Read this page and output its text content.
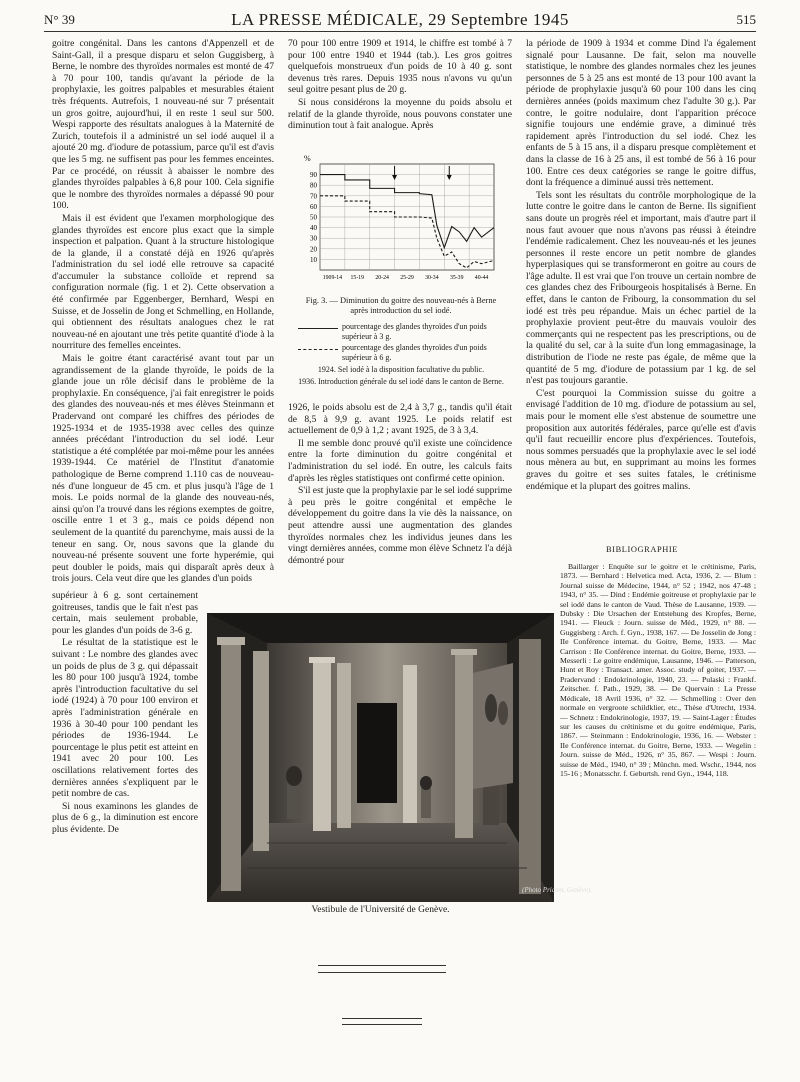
N° 39	LA PRESSE MÉDICALE, 29 Septembre 1945	515

goitre congénital. Dans les cantons d'Appenzell et de Saint-Gall, il a presque disparu et selon Guggisberg, à Berne, le nombre des thyroïdes normales est monté de 47 à 70 pour 100, tandis qu'avant la période de la prophylaxie, les goitres palpables et mesurables étaient très fréquents. Autrefois, 1 nouveau-né sur 7 présentait un gros goitre, aujourd'hui, il en reste 1 seul sur 500. Wespi rapporte des résultats analogues à la Maternité de Zurich, toutefois il a administré un sel iodé auquel il a ajouté 20 mg. d'iodure de potassium, parce qu'il est d'avis que les 5 mg. ne suffisent pas pour les femmes enceintes. Par ce procédé, on réussit à abaisser le nombre des glandes thyroïdes palpables à 6,8 pour 100. Cela signifie que le nombre des thyroïdes normales a dépassé 90 pour 100.

Mais il est évident que l'examen morphologique des glandes thyroïdes est encore plus exact que la simple inspection et palpation. Quant à la structure histologique de la glande, il a constaté déjà en 1926 qu'après l'administration du sel iodé elle retrouve sa capacité d'accumuler la substance colloïde et reprend sa configuration normale (fig. 1 et 2). Cette observation a été confirmée par Eggenberger, Bernhard, Wespi en Suisse, et de Josselin de Jong et Schmelling, en Hollande, qui obtiennent des résultats analogues chez le rat nouveau-né en ajoutant une très petite quantité d'iode à la nourriture des femelles enceintes.

Mais le goitre étant caractérisé avant tout par un agrandissement de la glande thyroïde, le poids de la glande joue un rôle décisif dans le problème de la prophylaxie. En conséquence, j'ai fait enregistrer le poids des glandes des nouveau-nés et mes élèves Steinmann et Pradervand ont comparé les chiffres des périodes de 1925-1934 et de 1935-1938 avec celles des quinze années précédant l'introduction du sel iodé. Leur statistique a été complétée par moi-même pour les années 1939-1944. Ce matériel de l'Institut d'anatomie pathologique de Berne comprend 1.110 cas de nouveau-nés d'une longueur de 45 cm. et plus jusqu'à l'âge de 1 mois. Le poids normal de la glande des nouveau-nés, ainsi qu'on l'a trouvé dans les régions exemptes de goitre, oscille entre 1 et 3 g., mais ce poids dépend non seulement de la quantité du parenchyme, mais aussi de la teneur en sang. Or, nous savons que la glande du nouveau-né présente souvent une forte hyperémie, qui peut doubler le poids, mais qui disparaît après deux à trois jours. Cela veut dire que les glandes d'un poids

supérieur à 6 g. sont certainement goitreuses, tandis que le fait n'est pas certain, mais seulement probable, pour les glandes d'un poids de 3-6 g.

Le résultat de la statistique est le suivant : Le nombre des glandes avec un poids de plus de 3 g. qui dépassait les 80 pour 100 jusqu'à 1924, tombe après l'introduction facultative du sel iodé (1924) à 70 pour 100 environ et après l'administration générale en 1936 à 30-40 pour 100 pendant les périodes de 1936-1944. Le pourcentage le plus petit est atteint en 1941 avec 20 pour 100. Les oscillations relativement fortes des dernières années s'expliquent par le petit nombre de cas.

Si nous examinons les glandes de plus de 6 g., la diminution est encore plus évidente. De

70 pour 100 entre 1909 et 1914, le chiffre est tombé à 7 pour 100 entre 1940 et 1944 (tab.). Les gros goitres quelquefois monstrueux d'un poids de 10 à 40 g. sont devenus très rares. Depuis 1935 nous n'avons vu qu'un seul goitre pesant plus de 20 g.

Si nous considérons la moyenne du poids absolu et relatif de la glande thyroïde, nous pouvons constater une diminution tout à fait analogue. Après

%
90
80
70
60
50
40
30
20
10
1909-14 15-19 20-24 25-29 30-34 35-39 40-44
Fig. 3. — Diminution du goitre des nouveau-nés à Berne après introduction du sel iodé.
pourcentage des glandes thyroïdes d'un poids supérieur à 3 g.
pourcentage des glandes thyroïdes d'un poids supérieur à 6 g.
1924. Sel iodé à la disposition facultative du public.
1936. Introduction générale du sel iodé dans le canton de Berne.

1926, le poids absolu est de 2,4 à 3,7 g., tandis qu'il était de 8,5 à 9,9 g. avant 1925. Le poids relatif est actuellement de 0,9 à 1,2 ; avant 1925, de 3 à 3,4.

Il me semble donc prouvé qu'il existe une coïncidence entre la forte diminution du goitre congénital et l'administration du sel iodé. En outre, les calculs faits d'après les règles statistiques ont confirmé cette opinion.

S'il est juste que la prophylaxie par le sel iodé supprime à peu près le goitre congénital et empêche le développement du goitre dans la vie dès la naissance, on peut attendre aussi une augmentation des glandes thyroïdes normales chez les individus jeunes dans les vingt dernières années, comme mon élève Schnetz l'a déjà démontré pour

la période de 1909 à 1934 et comme Dind l'a également signalé pour Lausanne. De fait, selon ma nouvelle statistique, le nombre des glandes normales chez les jeunes personnes de 5 à 25 ans est monté de 13 pour 100 avant la période de prophylaxie jusqu'à 60 pour 100 dans les cinq dernières années (poids maximum chez l'adulte 30 g.). Par contre, le goitre nodulaire, dont l'apparition précoce signifie toujours une endémie grave, a diminué très rapidement après l'introduction du sel iodé. Chez les enfants de 5 à 15 ans, il a disparu presque complètement et dans la classe de 16 à 25 ans, il est tombé de 56 à 16 pour 100. Entre ces deux catégories se range le goitre diffus, dont la fréquence a diminué aussi très nettement.

Tels sont les résultats du contrôle morphologique de la lutte contre le goitre dans le canton de Berne. Ils signifient sans doute un progrès réel et important, mais d'autre part il nous faut avouer que nous n'avons pas réussi à éteindre l'endémie radicalement. Chez les nouveau-nés et les jeunes personnes il reste encore un petit nombre de glandes hyperplasiques qui se transformeront en goitre au cours de l'âge adulte. Il est vrai que l'on trouve un certain nombre de ces glandes chez des Fribourgeois hospitalisés à Berne. En effet, dans le canton de Fribourg, la consommation du sel iodé est très peu répandue. Mais un échec partiel de la prophylaxie provient peut-être du mauvais vouloir des commerçants qui ne respectent pas les prescriptions, ou de la qualité du sel, car à la suite d'un long emmagasinage, la distribution de l'iode ne reste pas égale, de même que la quantité de 5 mg. d'iodure de potassium par 1 kg. de sel n'est pas toujours garantie.

C'est pourquoi la Commission suisse du goitre a envisagé l'addition de 10 mg. d'iodure de potassium au sel, mais pour le moment elle s'est abstenue de soumettre une proposition aux autorités fédérales, parce qu'elle est d'avis qu'il faut recueillir encore plus d'expériences. Toutefois, nous sommes persuadés que la prophylaxie avec le sel iodé nous mènera au but, en supprimant au moins les formes graves du goitre et ses suites fatales, le crétinisme endémique et la plupart des goitres malins.

BIBLIOGRAPHIE

Baillarger : Enquête sur le goitre et le crétinisme, Paris, 1873. — Bernhard : Helvetica med. Acta, 1936, 2. — Blum : Journal suisse de Médecine, 1944, n° 52 ; 1942, nos 47-48 ; 1943, n° 35. — Dind : Endémie goitreuse et prophylaxie par le sel iodé dans le canton de Vaud. Thèse de Lausanne, 1939. — Dubsky : Die Ursachen der Entstehung des Kropfes, Berne, 1941. — Fleuck : Journ. suisse de Méd., 1929, n° 88. — Guggisberg : Arch. f. Gyn., 1938, 167. — De Josselin de Jong : IIe Conférence internat. du Goitre, Berne, 1933. — Mac Carrison : IIe Conférence internat. du Goitre, Berne, 1933. — Messerli : Le goitre endémique, Lausanne, 1946. — Patterson, Hunt et Roy : Transact. amer. Assoc. study of goiter, 1937. — Pradervand : Endokrinologie, 1940, 23. — Pulaski : Frankf. Zeitscher. f. Path., 1929, 38. — De Quervain : La Presse Médicale, 18 Avril 1936, n° 32. — Schmelling : Over den normale en vergroote schildklier, etc., Thèse d'Utrecht, 1934. — Schnetz : Endokrinologie, 1937, 19. — Saint-Lager : Études sur les causes du crétinisme et du goitre endémique, Paris, 1867. — Steinmann : Endokrinologie, 1936, 16. — Webster : IIe Conférence internat. du Goitre, Berne, 1933. — Wegelin : Journ. suisse de Méd., 1926, n° 35, 867. — Wespi : Journ. suisse de Méd., 1940, n° 39 ; Münchn. med. Wschr., 1944, nos 15-16 ; Monatsschr. f. Geburtsh. rend Gyn., 1944, 118.

(Photo Pricam, Genève).
Vestibule de l'Université de Genève.
